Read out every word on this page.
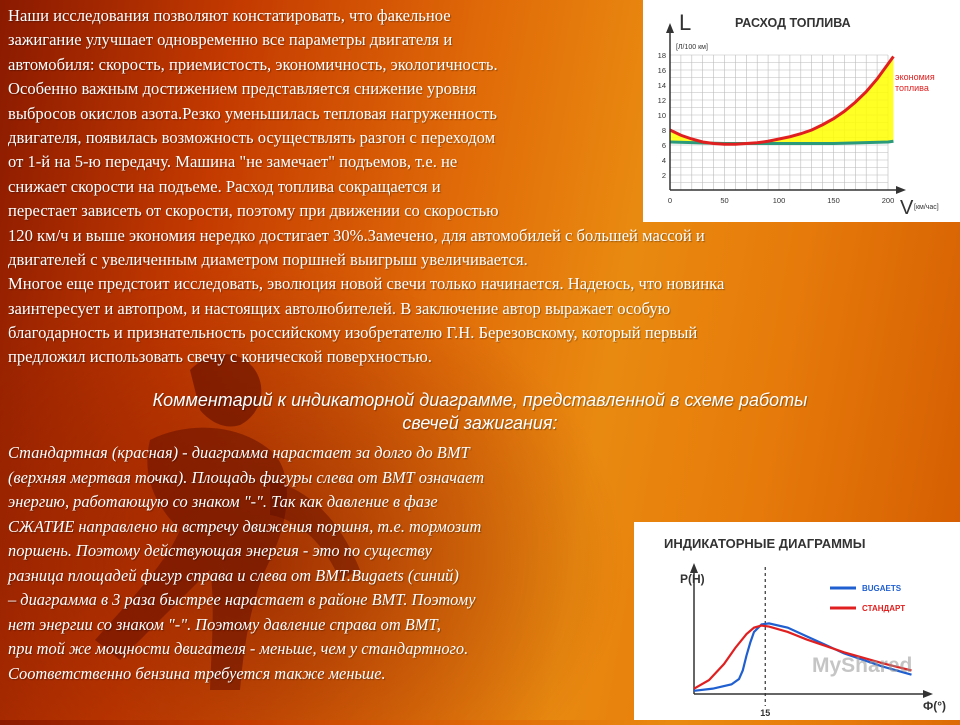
Наши исследования позволяют констатировать, что факельное
зажигание улучшает одновременно все параметры двигателя и
автомобиля: скорость, приемистость, экономичность, экологичность.
Особенно важным достижением представляется снижение уровня
выбросов окислов азота.Резко уменьшилась тепловая нагруженность
двигателя, появилась возможность осуществлять разгон с переходом
от 1-й на 5-ю передачу. Машина "не замечает" подъемов, т.е. не
снижает скорости на подъеме. Расход топлива сокращается и
перестает зависеть от скорости, поэтому при движении со скоростью
120 км/ч и выше экономия нередко достигает 30%.Замечено, для автомобилей с большей массой и
двигателей с увеличенным диаметром поршней выигрыш увеличивается.
Многое еще предстоит исследовать, эволюция новой свечи только начинается. Надеюсь, что новинка
заинтересует и автопром, и настоящих автолюбителей. В заключение автор выражает особую
благодарность и признательность российскому изобретателю Г.Н. Березовскому, который первый
предложил использовать свечу с конической поверхностью.
Комментарий к индикаторной диаграмме, представленной в схеме работы
свечей зажигания:
Стандартная (красная) - диаграмма нарастает за долго до ВМТ
(верхняя мертвая точка). Площадь фигуры слева от ВМТ означает
энергию, работающую со знаком "-". Так как давление в фазе
СЖАТИЕ направлено на встречу движения поршня, т.е. тормозит
поршень. Поэтому действующая энергия - это по существу
разница площадей фигур справа и слева от ВМТ.Bugaets (синий)
– диаграмма в 3 раза быстрее нарастает в районе ВМТ. Поэтому
нет энергии со знаком "-". Поэтому давление справа от ВМТ,
при той же мощности двигателя - меньше, чем у стандартного.
Соответственно бензина требуется также меньше.
2
4
6
8
10
12
14
16
18
0	50	100	150	200
L
[Л/100 км]
РАСХОД ТОПЛИВА
V [км/час]
экономия
топлива
ИНДИКАТОРНЫЕ ДИАГРАММЫ
P(H)
Ф(°)
15
BUGAETS
СТАНДАРТ
MyShared
